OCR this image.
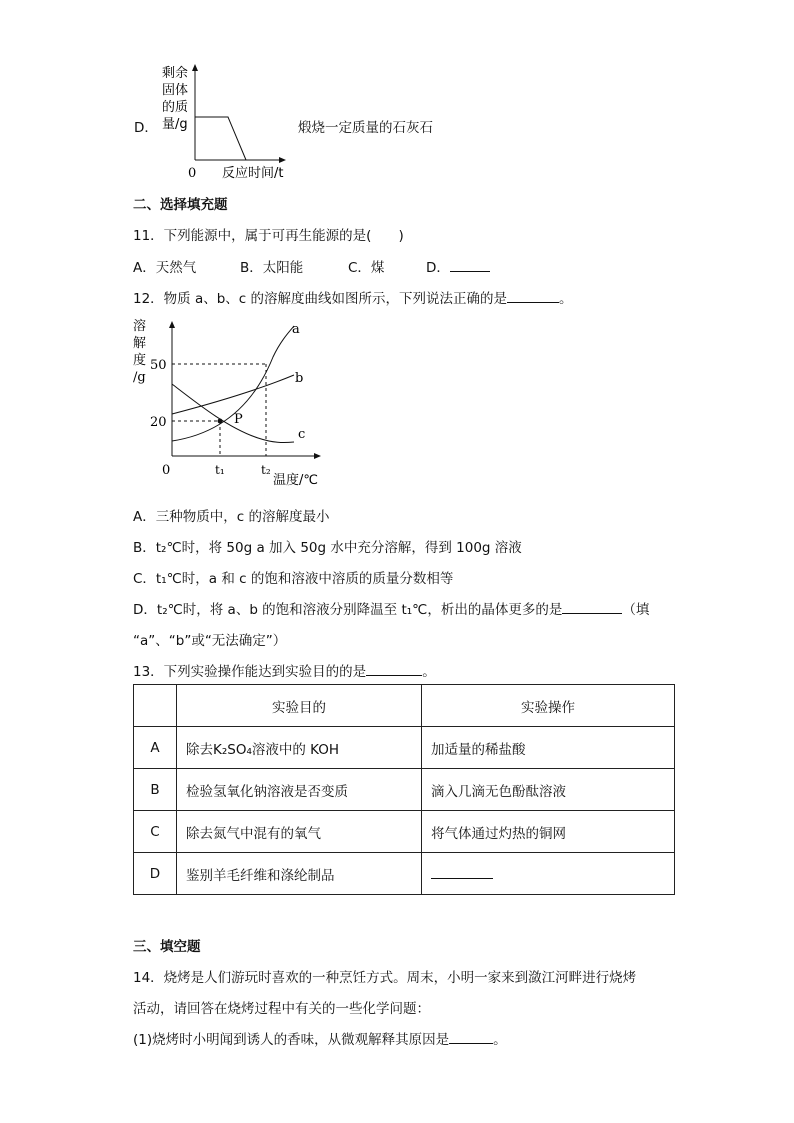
D．
剩余
固体
的质
量/g
0 反应时间/t
煅烧一定质量的石灰石
二、选择填充题
11．下列能源中，属于可再生能源的是(　　)
A．天然气	B．太阳能	C．煤	D．
12．物质 a、b、c 的溶解度曲线如图所示，下列说法正确的是	。
溶
解
度
/g
50
20
0	t₁	t₂
温度/℃
a
b
c
P
A．三种物质中，c 的溶解度最小
B．t₂℃时，将 50g a 加入 50g 水中充分溶解，得到 100g 溶液
C．t₁℃时，a 和 c 的饱和溶液中溶质的质量分数相等
D．t₂℃时，将 a、b 的饱和溶液分别降温至 t₁℃，析出的晶体更多的是	（填
“a”、“b”或“无法确定”）
13．下列实验操作能达到实验目的的是	。
	实验目的	实验操作
A	除去K₂SO₄溶液中的 KOH	加适量的稀盐酸
B	检验氢氧化钠溶液是否变质	滴入几滴无色酚酞溶液
C	除去氮气中混有的氧气	将气体通过灼热的铜网
D	鉴别羊毛纤维和涤纶制品	
三、填空题
14．烧烤是人们游玩时喜欢的一种烹饪方式。周末，小明一家来到潋江河畔进行烧烤
活动，请回答在烧烤过程中有关的一些化学问题：
(1)烧烤时小明闻到诱人的香味，从微观解释其原因是	。
